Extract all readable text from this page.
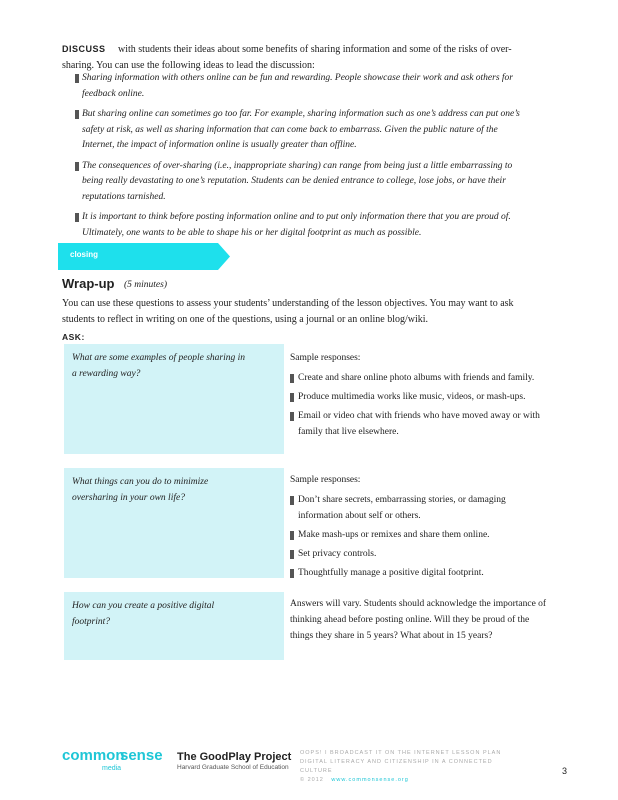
DISCUSS with students their ideas about some benefits of sharing information and some of the risks of over-sharing. You can use the following ideas to lead the discussion:
Sharing information with others online can be fun and rewarding. People showcase their work and ask others for feedback online.
But sharing online can sometimes go too far. For example, sharing information such as one’s address can put one’s safety at risk, as well as sharing information that can come back to embarrass. Given the public nature of the Internet, the impact of information online is usually greater than offline.
The consequences of over-sharing (i.e., inappropriate sharing) can range from being just a little embarrassing to being really devastating to one’s reputation. Students can be denied entrance to college, lose jobs, or have their reputations tarnished.
It is important to think before posting information online and to put only information there that you are proud of. Ultimately, one wants to be able to shape his or her digital footprint as much as possible.
closing
Wrap-up (5 minutes)
You can use these questions to assess your students’ understanding of the lesson objectives. You may want to ask students to reflect in writing on one of the questions, using a journal or an online blog/wiki.
ASK:
What are some examples of people sharing in a rewarding way?
Sample responses:
Create and share online photo albums with friends and family.
Produce multimedia works like music, videos, or mash-ups.
Email or video chat with friends who have moved away or with family that live elsewhere.
What things can you do to minimize oversharing in your own life?
Sample responses:
Don’t share secrets, embarrassing stories, or damaging information about self or others.
Make mash-ups or remixes and share them online.
Set privacy controls.
Thoughtfully manage a positive digital footprint.
How can you create a positive digital footprint?
Answers will vary. Students should acknowledge the importance of thinking ahead before posting online. Will they be proud of the things they share in 5 years? What about in 15 years?
common
sense
media
The GoodPlay Project
Harvard Graduate School of Education
OOPS! I BROADCAST IT ON THE INTERNET LESSON PLAN
DIGITAL LITERACY AND CITIZENSHIP IN A CONNECTED CULTURE
© 2012 www.commonsense.org
3
